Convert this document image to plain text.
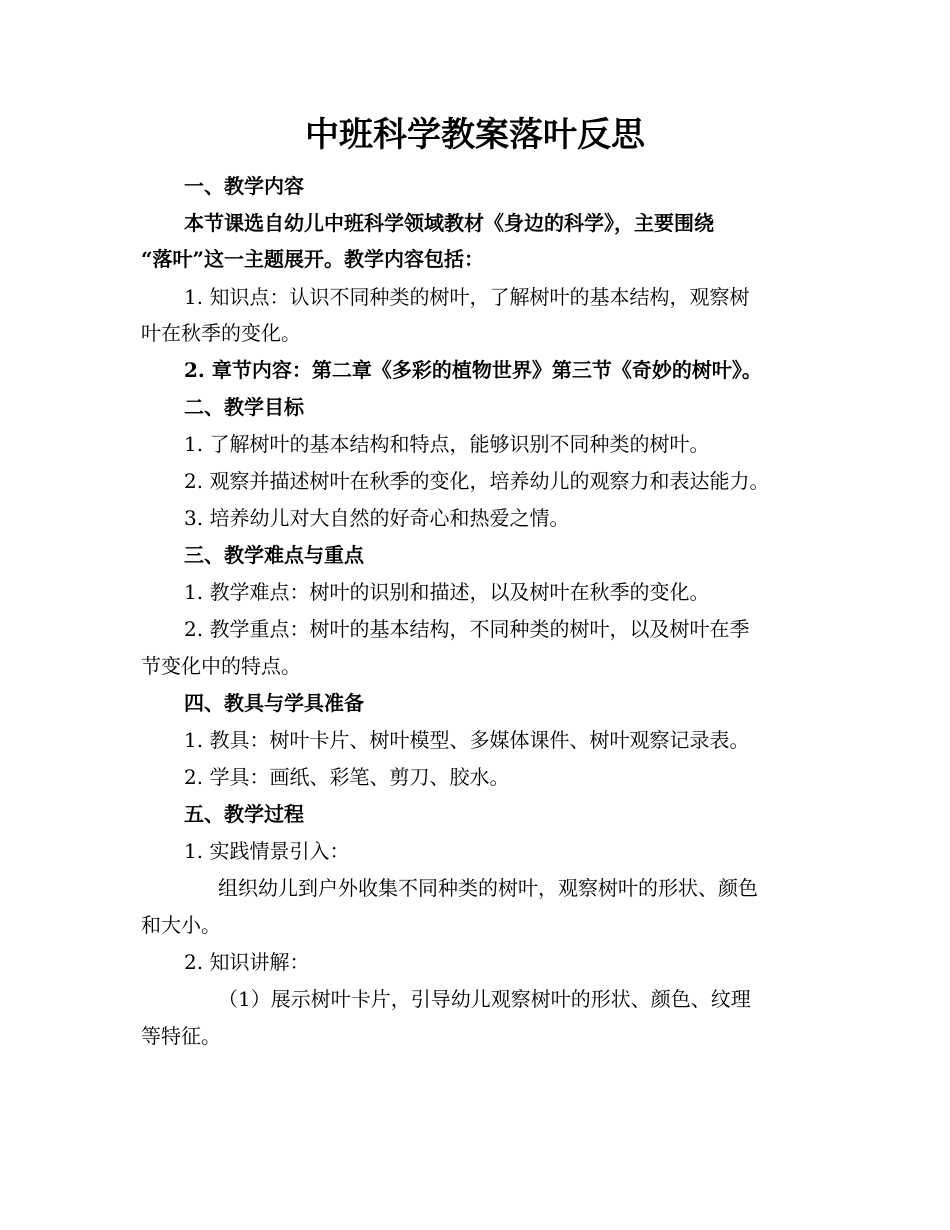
中班科学教案落叶反思
一、教学内容
本节课选自幼儿中班科学领域教材《身边的科学》，主要围绕
“落叶”这一主题展开。教学内容包括：
1. 知识点：认识不同种类的树叶，了解树叶的基本结构，观察树
叶在秋季的变化。
2. 章节内容：第二章《多彩的植物世界》第三节《奇妙的树叶》。
二、教学目标
1. 了解树叶的基本结构和特点，能够识别不同种类的树叶。
2. 观察并描述树叶在秋季的变化，培养幼儿的观察力和表达能力。
3. 培养幼儿对大自然的好奇心和热爱之情。
三、教学难点与重点
1. 教学难点：树叶的识别和描述，以及树叶在秋季的变化。
2. 教学重点：树叶的基本结构，不同种类的树叶，以及树叶在季
节变化中的特点。
四、教具与学具准备
1. 教具：树叶卡片、树叶模型、多媒体课件、树叶观察记录表。
2. 学具：画纸、彩笔、剪刀、胶水。
五、教学过程
1. 实践情景引入：
组织幼儿到户外收集不同种类的树叶，观察树叶的形状、颜色
和大小。
2. 知识讲解：
（1）展示树叶卡片，引导幼儿观察树叶的形状、颜色、纹理
等特征。
